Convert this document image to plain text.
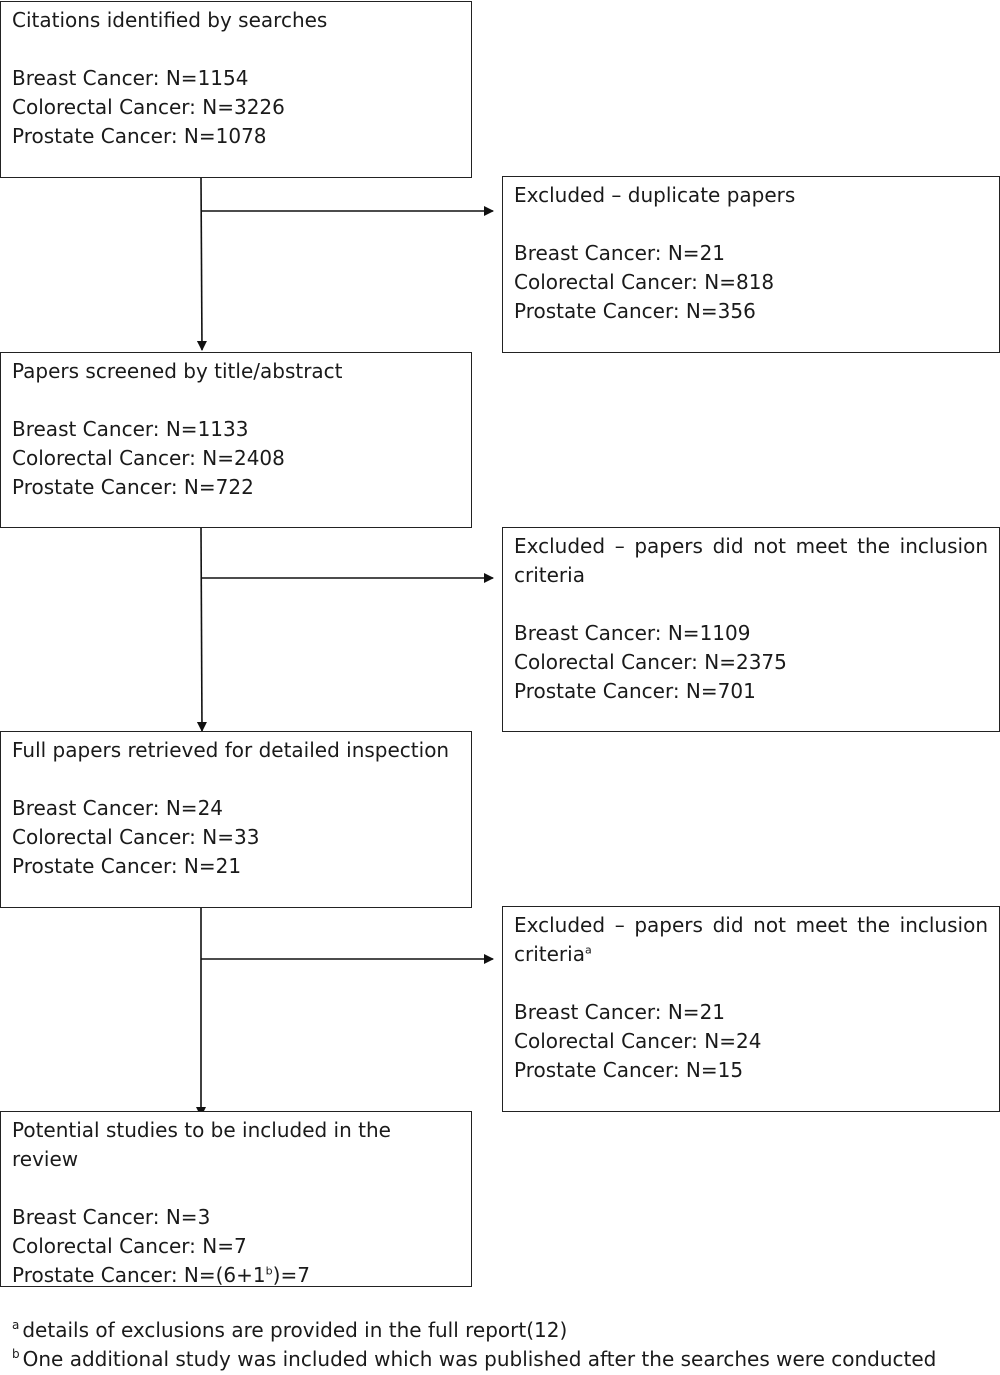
Citations identified by searches
Breast Cancer: N=1154
Colorectal Cancer: N=3226
Prostate Cancer: N=1078
Excluded – duplicate papers
Breast Cancer: N=21
Colorectal Cancer: N=818
Prostate Cancer: N=356
Papers screened by title/abstract
Breast Cancer: N=1133
Colorectal Cancer: N=2408
Prostate Cancer: N=722
Excluded – papers did not meet the inclusion criteria
Breast Cancer: N=1109
Colorectal Cancer: N=2375
Prostate Cancer: N=701
Full papers retrieved for detailed inspection
Breast Cancer: N=24
Colorectal Cancer: N=33
Prostate Cancer: N=21
Excluded – papers did not meet the inclusion criteria$^a$
Breast Cancer: N=21
Colorectal Cancer: N=24
Prostate Cancer: N=15
Potential studies to be included in the review
Breast Cancer: N=3
Colorectal Cancer: N=7
Prostate Cancer: $N=(6+1^b)=7$
$^a$ details of exclusions are provided in the full report(12)
$^b$ One additional study was included which was published after the searches were conducted
